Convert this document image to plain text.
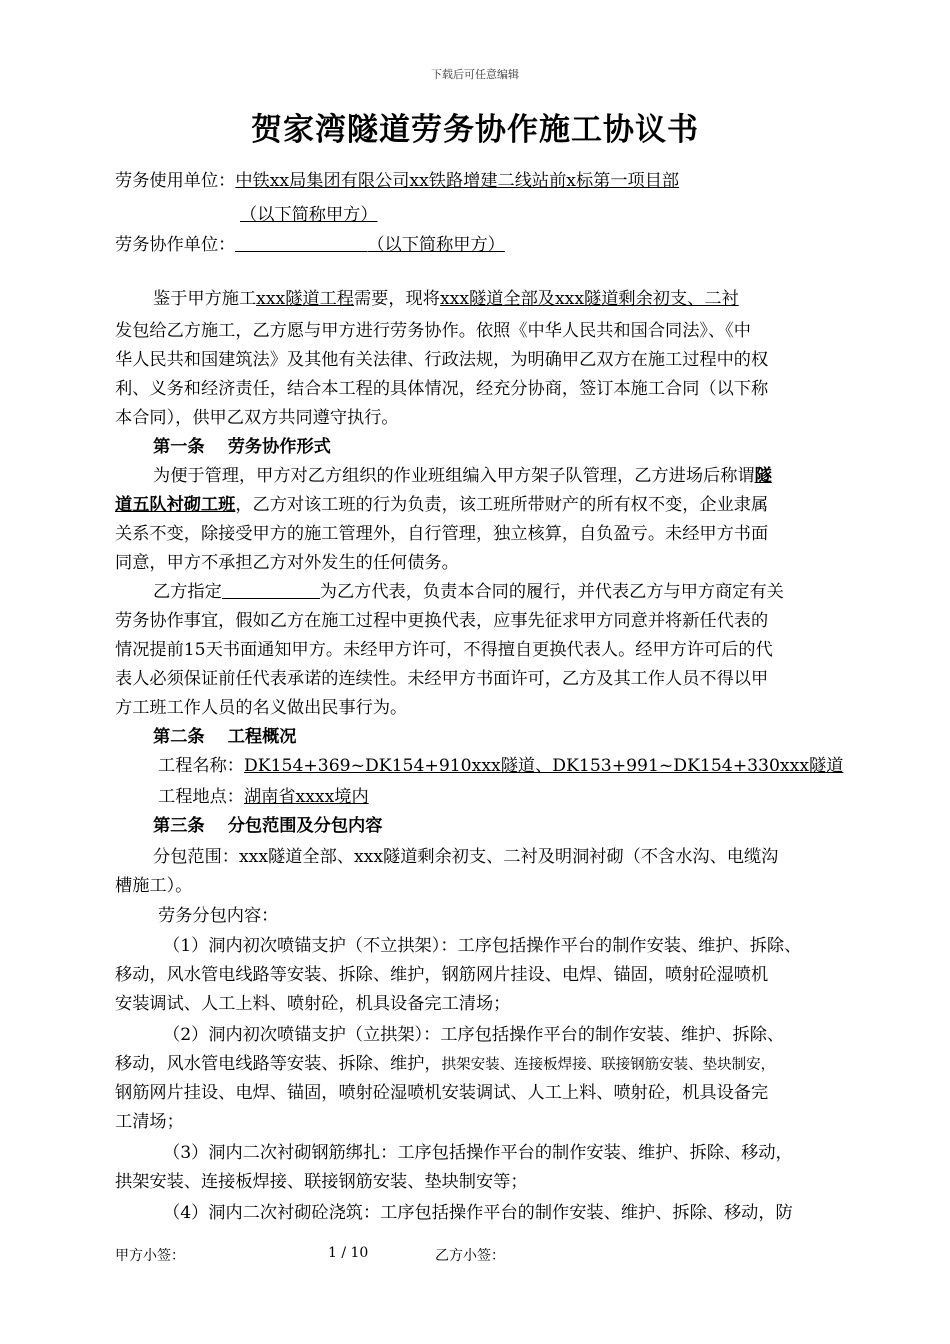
下载后可任意编辑
贺家湾隧道劳务协作施工协议书
劳务使用单位：中铁xx局集团有限公司xx铁路增建二线站前x标第一项目部
（以下简称甲方）
劳务协作单位：	（以下简称甲方）
鉴于甲方施工xxx隧道工程需要，现将xxx隧道全部及xxx隧道剩余初支、二衬
发包给乙方施工，乙方愿与甲方进行劳务协作。依照《中华人民共和国合同法》、《中
华人民共和国建筑法》及其他有关法律、行政法规，为明确甲乙双方在施工过程中的权
利、义务和经济责任，结合本工程的具体情况，经充分协商，签订本施工合同（以下称
本合同），供甲乙双方共同遵守执行。
第一条　 劳务协作形式
为便于管理，甲方对乙方组织的作业班组编入甲方架子队管理，乙方进场后称谓隧
道五队衬砌工班，乙方对该工班的行为负责，该工班所带财产的所有权不变，企业隶属
关系不变，除接受甲方的施工管理外，自行管理，独立核算，自负盈亏。未经甲方书面
同意，甲方不承担乙方对外发生的任何债务。
乙方指定	为乙方代表，负责本合同的履行，并代表乙方与甲方商定有关
劳务协作事宜，假如乙方在施工过程中更换代表，应事先征求甲方同意并将新任代表的
情况提前15天书面通知甲方。未经甲方许可，不得擅自更换代表人。经甲方许可后的代
表人必须保证前任代表承诺的连续性。未经甲方书面许可，乙方及其工作人员不得以甲
方工班工作人员的名义做出民事行为。
第二条　 工程概况
工程名称：DK154+369~DK154+910xxx隧道、DK153+991~DK154+330xxx隧道
工程地点：湖南省xxxx境内
第三条　 分包范围及分包内容
分包范围：xxx隧道全部、xxx隧道剩余初支、二衬及明洞衬砌（不含水沟、电缆沟
槽施工）。
劳务分包内容：
（1）洞内初次喷锚支护（不立拱架）：工序包括操作平台的制作安装、维护、拆除、
移动，风水管电线路等安装、拆除、维护，钢筋网片挂设、电焊、锚固，喷射砼湿喷机
安装调试、人工上料、喷射砼，机具设备完工清场；
（2）洞内初次喷锚支护（立拱架）：工序包括操作平台的制作安装、维护、拆除、
移动，风水管电线路等安装、拆除、维护，拱架安装、连接板焊接、联接钢筋安装、垫块制安，
钢筋网片挂设、电焊、锚固，喷射砼湿喷机安装调试、人工上料、喷射砼，机具设备完
工清场；
（3）洞内二次衬砌钢筋绑扎：工序包括操作平台的制作安装、维护、拆除、移动，
拱架安装、连接板焊接、联接钢筋安装、垫块制安等；
（4）洞内二次衬砌砼浇筑：工序包括操作平台的制作安装、维护、拆除、移动，防
甲方小签：	1 / 10	乙方小签：
